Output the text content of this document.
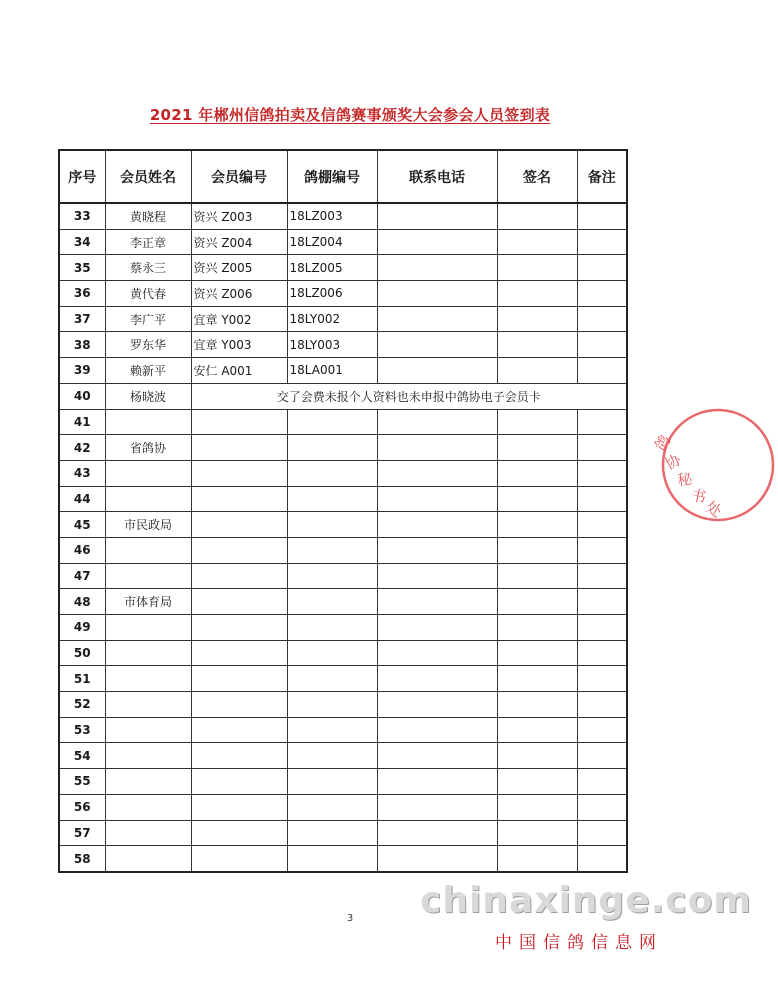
2021 年郴州信鸽拍卖及信鸽赛事颁奖大会参会人员签到表
序号	会员姓名	会员编号	鸽棚编号	联系电话	签名	备注
33	黄晓程	资兴 Z003	18LZ003			
34	李正章	资兴 Z004	18LZ004			
35	蔡永三	资兴 Z005	18LZ005			
36	黄代春	资兴 Z006	18LZ006			
37	李广平	宜章 Y002	18LY002			
38	罗东华	宜章 Y003	18LY003			
39	赖新平	安仁 A001	18LA001			
40	杨晓波	交了会费未报个人资料也未申报中鸽协电子会员卡				
41						
42	省鸽协					
43						
44						
45	市民政局					
46						
47						
48	市体育局					
49						
50						
51						
52						
53						
54						
55						
56						
57						
58						
鸽
协
秘
书
处
3	chinaxinge.com
中国信鸽信息网
